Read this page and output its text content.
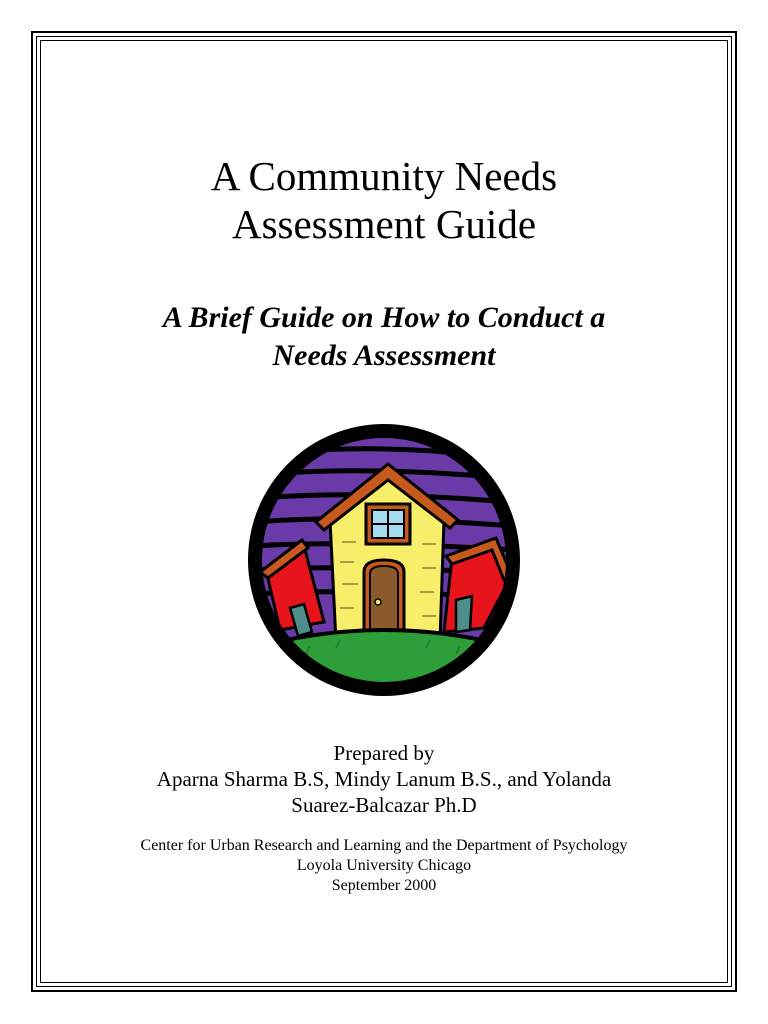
A Community Needs
Assessment Guide
A Brief Guide on How to Conduct a
Needs Assessment
Prepared by
Aparna Sharma B.S, Mindy Lanum B.S., and Yolanda
Suarez-Balcazar Ph.D
Center for Urban Research and Learning and the Department of Psychology
Loyola University Chicago
September 2000
